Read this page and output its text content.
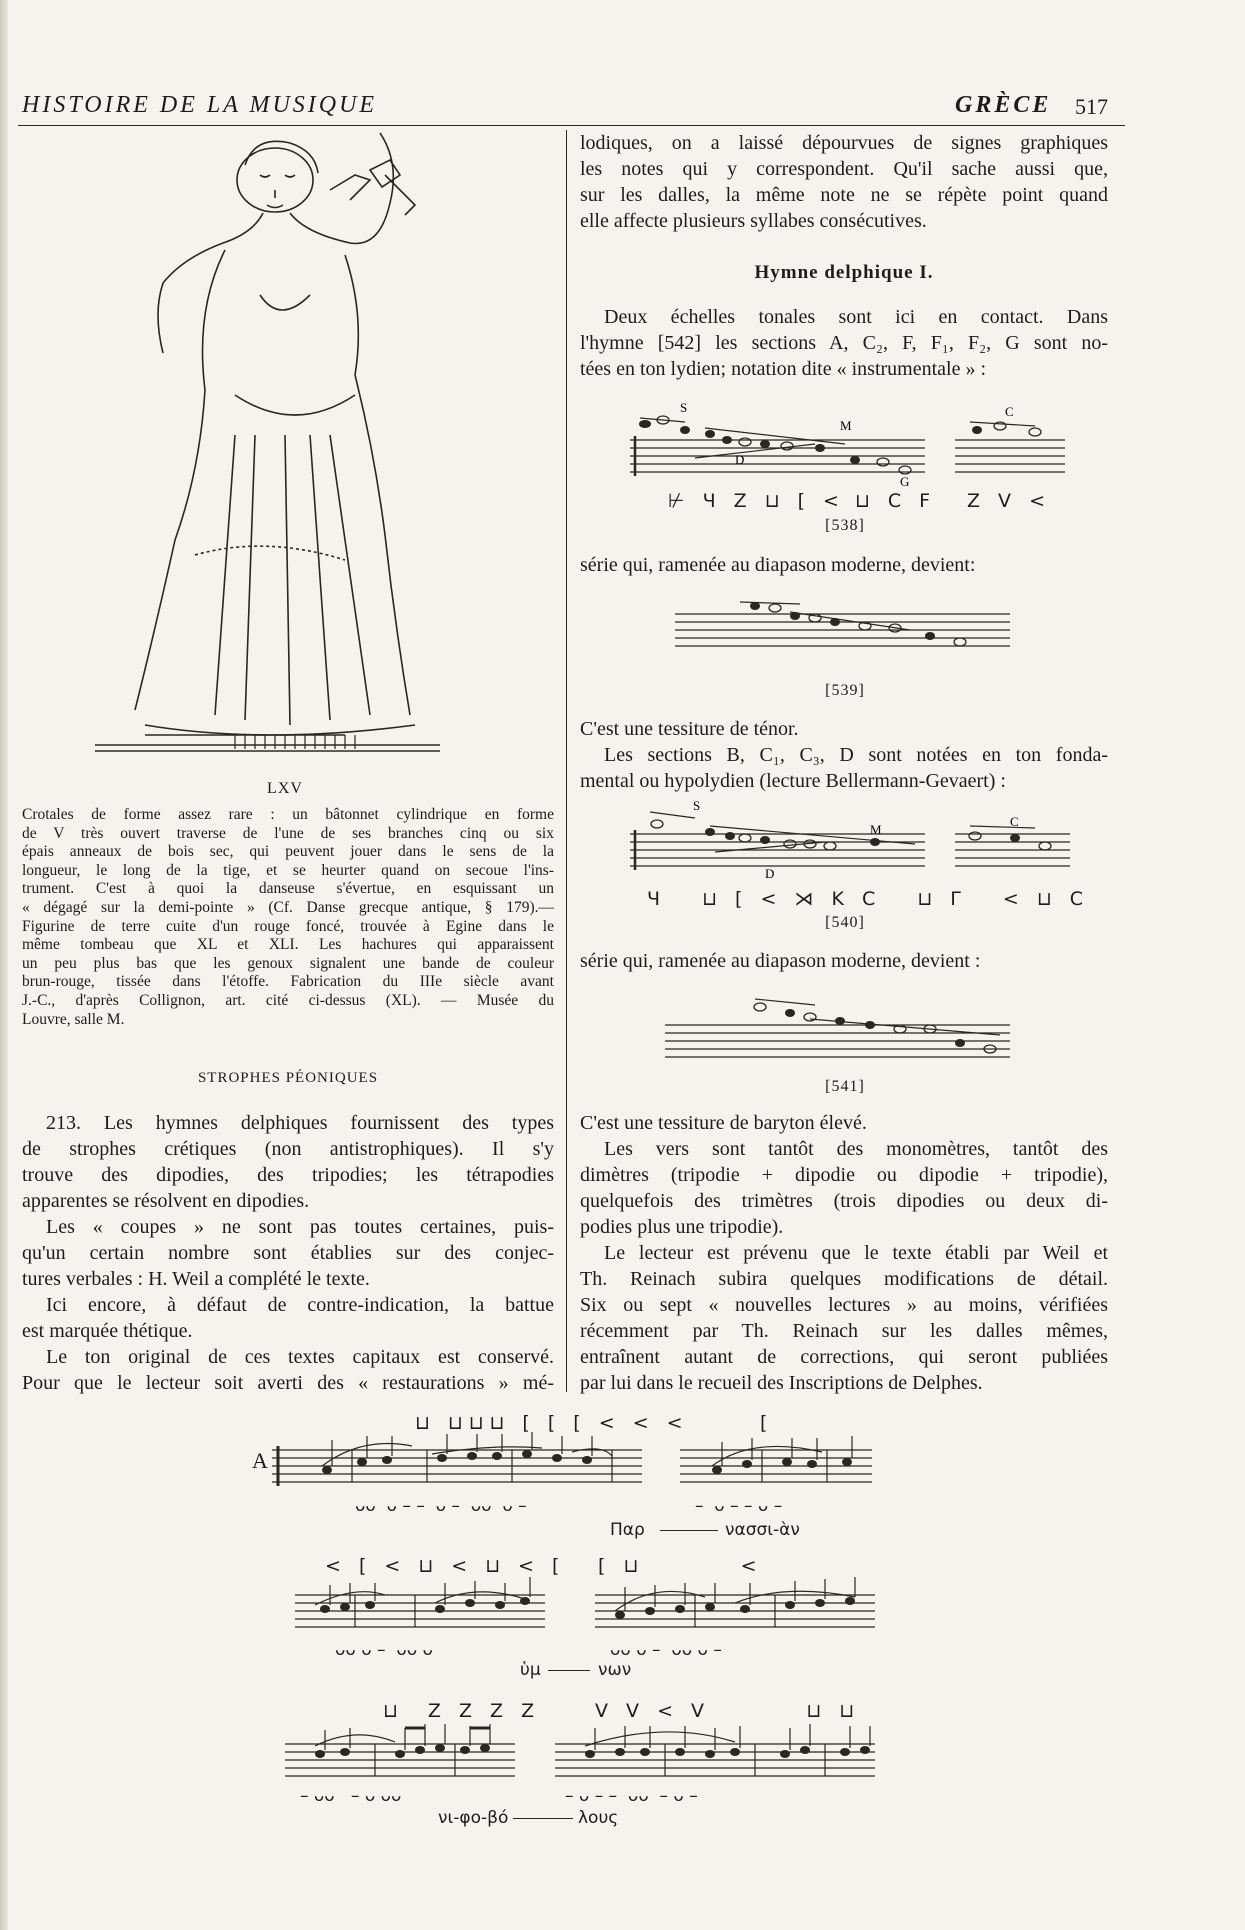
HISTOIRE DE LA MUSIQUE	GRÈCE 517
LXV
Crotales de forme assez rare : un bâtonnet cylindrique en forme
de V très ouvert traverse de l'une de ses branches cinq ou six
épais anneaux de bois sec, qui peuvent jouer dans le sens de la
longueur, le long de la tige, et se heurter quand on secoue l'ins-
trument. C'est à quoi la danseuse s'évertue, en esquissant un
« dégagé sur la demi-pointe » (Cf. Danse grecque antique, § 179).—
Figurine de terre cuite d'un rouge foncé, trouvée à Egine dans le
même tombeau que XL et XLI. Les hachures qui apparaissent
un peu plus bas que les genoux signalent une bande de couleur
brun-rouge, tissée dans l'étoffe. Fabrication du IIIe siècle avant
J.-C., d'après Collignon, art. cité ci-dessus (XL). — Musée du
Louvre, salle M.
STROPHES PÉONIQUES
213. Les hymnes delphiques fournissent des types
de strophes crétiques (non antistrophiques). Il s'y
trouve des dipodies, des tripodies; les tétrapodies
apparentes se résolvent en dipodies.
Les « coupes » ne sont pas toutes certaines, puis-
qu'un certain nombre sont établies sur des conjec-
tures verbales : H. Weil a complété le texte.
Ici encore, à défaut de contre-indication, la battue
est marquée thétique.
Le ton original de ces textes capitaux est conservé.
Pour que le lecteur soit averti des « restaurations » mé-
lodiques, on a laissé dépourvues de signes graphiques
les notes qui y correspondent. Qu'il sache aussi que,
sur les dalles, la même note ne se répète point quand
elle affecte plusieurs syllabes consécutives.
Hymne delphique I.
Deux échelles tonales sont ici en contact. Dans
l'hymne [542] les sections A, C₂, F, F₁, F₂, G sont no-
tées en ton lydien; notation dite « instrumentale » :
S
M
D
C
G
⊬ Ч Z ⊔ [ < ⊔ C F Z V <
[538]
série qui, ramenée au diapason moderne, devient:
[539]
C'est une tessiture de ténor.
Les sections B, C₁, C₃, D sont notées en ton fonda-
mental ou hypolydien (lecture Bellermann-Gevaert) :
S
M
D
C
Ч   ⊔ [ < ⋊ K C   ⊔ Γ   < ⊔ C
[540]
série qui, ramenée au diapason moderne, devient :
[541]
C'est une tessiture de baryton élevé.
Les vers sont tantôt des monomètres, tantôt des
dimètres (tripodie + dipodie ou dipodie + tripodie),
quelquefois des trimètres (trois dipodies ou deux di-
podies plus une tripodie).
Le lecteur est prévenu que le texte établi par Weil et
Th. Reinach subira quelques modifications de détail.
Six ou sept « nouvelles lectures » au moins, vérifiées
récemment par Th. Reinach sur les dalles mêmes,
entraînent autant de corrections, qui seront publiées
par lui dans le recueil des Inscriptions de Delphes.
A
⊔ ⊔⊔⊔ [ [ [ < < <	[
ᴗᴗ  ᴗ – –  ᴗ –  ᴗᴗ  ᴗ –	–  ᴗ – – ᴗ –
Παρ	νασσι-ὰν
< [ < ⊔ < ⊔ < [ [ ⊔        <
ᴗᴗ ᴗ –  ᴗᴗ ᴗ	ᴗᴗ ᴗ –  ᴗᴗ ᴗ –
ὑμ	νων
⊔  Z Z Z Z	V V < V        ⊔ ⊔
– ᴗᴗ   – ᴗ ᴗᴗ	– ᴗ – –  ᴗᴗ  – ᴗ –
νι-φο-βό	λους
